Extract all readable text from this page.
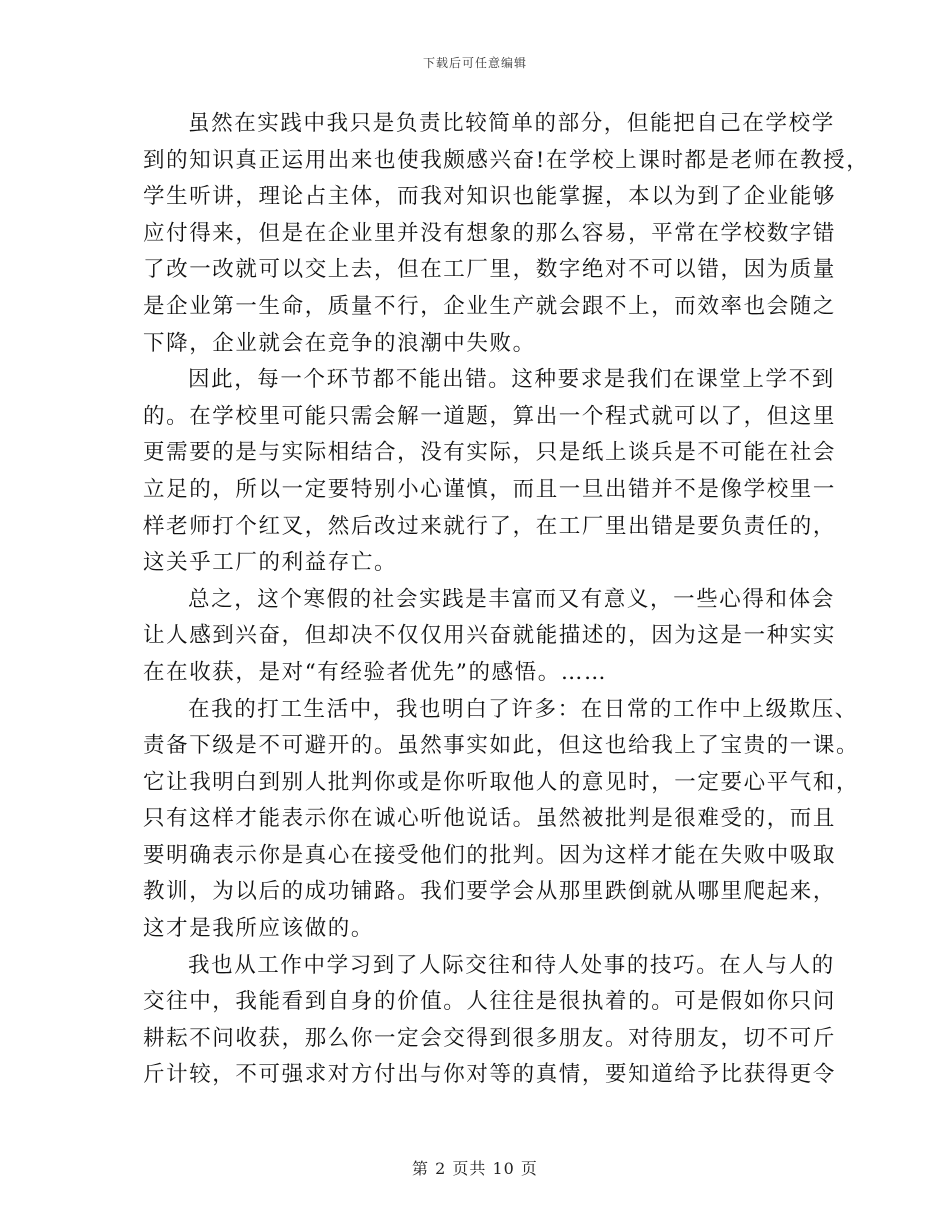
下载后可任意编辑
虽然在实践中我只是负责比较简单的部分，但能把自己在学校学
到的知识真正运用出来也使我颇感兴奋!在学校上课时都是老师在教授，
学生听讲，理论占主体，而我对知识也能掌握，本以为到了企业能够
应付得来，但是在企业里并没有想象的那么容易，平常在学校数字错
了改一改就可以交上去，但在工厂里，数字绝对不可以错，因为质量
是企业第一生命，质量不行，企业生产就会跟不上，而效率也会随之
下降，企业就会在竞争的浪潮中失败。
因此，每一个环节都不能出错。这种要求是我们在课堂上学不到
的。在学校里可能只需会解一道题，算出一个程式就可以了，但这里
更需要的是与实际相结合，没有实际，只是纸上谈兵是不可能在社会
立足的，所以一定要特别小心谨慎，而且一旦出错并不是像学校里一
样老师打个红叉，然后改过来就行了，在工厂里出错是要负责任的，
这关乎工厂的利益存亡。
总之，这个寒假的社会实践是丰富而又有意义，一些心得和体会
让人感到兴奋，但却决不仅仅用兴奋就能描述的，因为这是一种实实
在在收获，是对“有经验者优先”的感悟。……
在我的打工生活中，我也明白了许多：在日常的工作中上级欺压、
责备下级是不可避开的。虽然事实如此，但这也给我上了宝贵的一课。
它让我明白到别人批判你或是你听取他人的意见时，一定要心平气和，
只有这样才能表示你在诚心听他说话。虽然被批判是很难受的，而且
要明确表示你是真心在接受他们的批判。因为这样才能在失败中吸取
教训，为以后的成功铺路。我们要学会从那里跌倒就从哪里爬起来，
这才是我所应该做的。
我也从工作中学习到了人际交往和待人处事的技巧。在人与人的
交往中，我能看到自身的价值。人往往是很执着的。可是假如你只问
耕耘不问收获，那么你一定会交得到很多朋友。对待朋友，切不可斤
斤计较，不可强求对方付出与你对等的真情，要知道给予比获得更令
第 2 页共 10 页
